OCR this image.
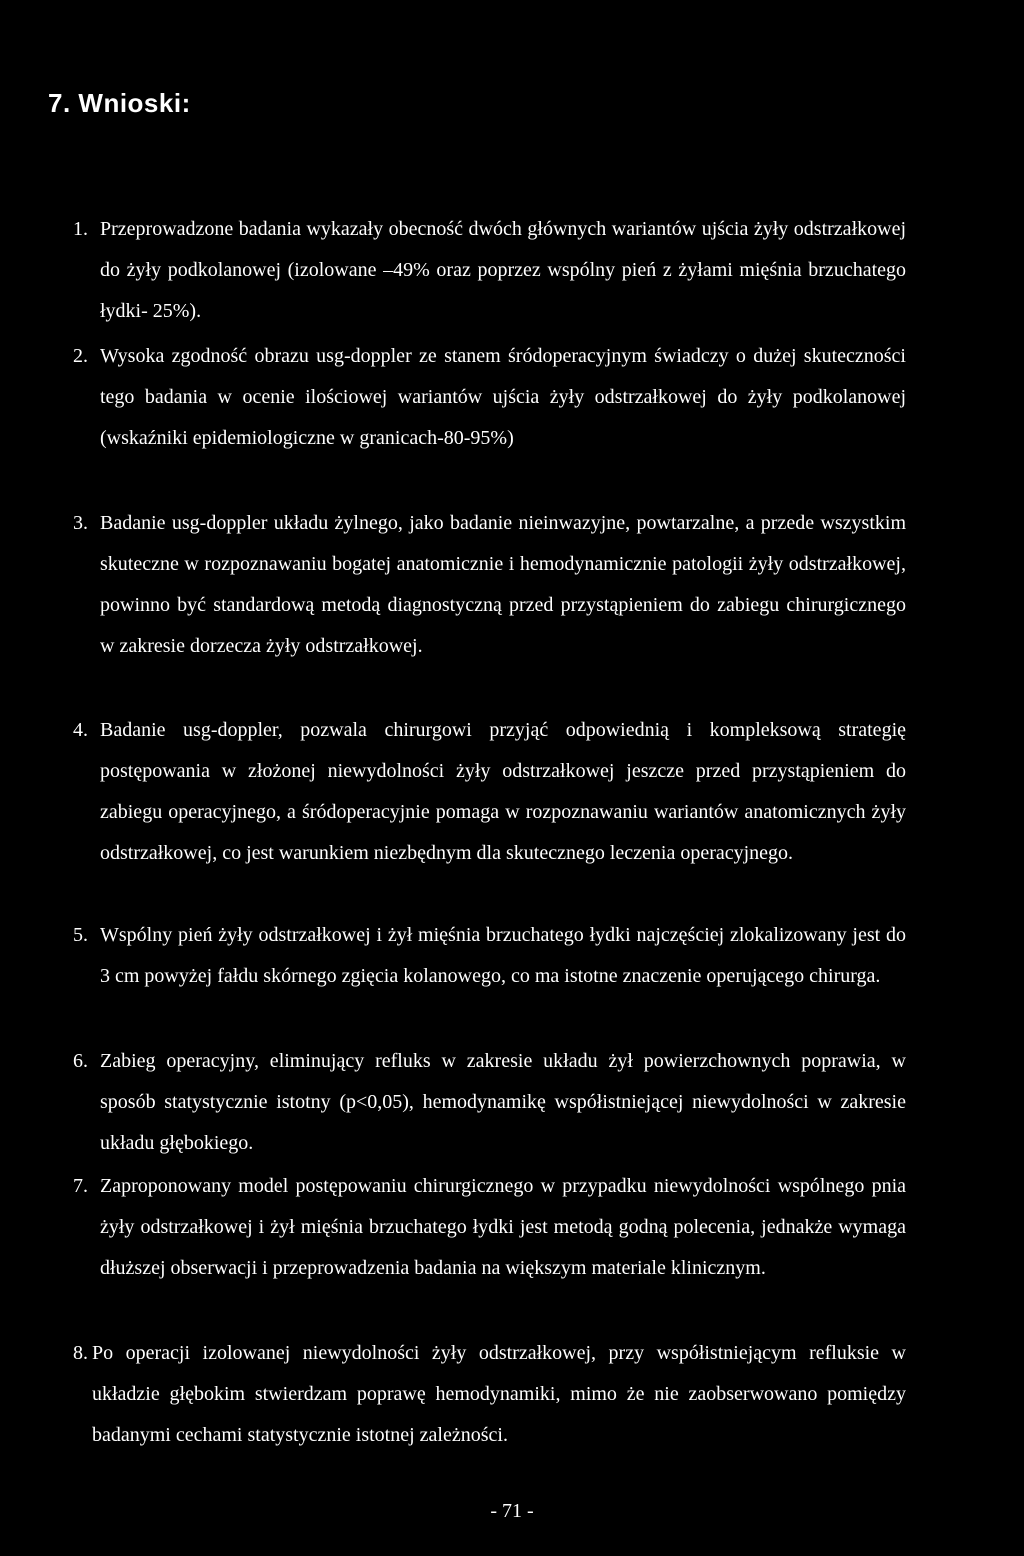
7. Wnioski:
1. Przeprowadzone badania wykazały obecność dwóch głównych wariantów ujścia żyły odstrzałkowej do żyły podkolanowej (izolowane –49% oraz poprzez wspólny pień z żyłami mięśnia brzuchatego łydki- 25%).
2. Wysoka zgodność obrazu usg-doppler ze stanem śródoperacyjnym świadczy o dużej skuteczności tego badania w ocenie ilościowej wariantów ujścia żyły odstrzałkowej do żyły podkolanowej (wskaźniki epidemiologiczne w granicach-80-95%)
3. Badanie usg-doppler układu żylnego, jako badanie nieinwazyjne, powtarzalne, a przede wszystkim skuteczne w rozpoznawaniu bogatej anatomicznie i hemodynamicznie patologii żyły odstrzałkowej, powinno być standardową metodą diagnostyczną przed przystąpieniem do zabiegu chirurgicznego w zakresie dorzecza żyły odstrzałkowej.
4. Badanie usg-doppler, pozwala chirurgowi przyjąć odpowiednią i kompleksową strategię postępowania w złożonej niewydolności żyły odstrzałkowej jeszcze przed przystąpieniem do zabiegu operacyjnego, a śródoperacyjnie pomaga w rozpoznawaniu wariantów anatomicznych żyły odstrzałkowej, co jest warunkiem niezbędnym dla skutecznego leczenia operacyjnego.
5. Wspólny pień żyły odstrzałkowej i żył mięśnia brzuchatego łydki najczęściej zlokalizowany jest do 3 cm powyżej fałdu skórnego zgięcia kolanowego, co ma istotne znaczenie operującego chirurga.
6. Zabieg operacyjny, eliminujący refluks w zakresie układu żył powierzchownych poprawia, w sposób statystycznie istotny (p<0,05), hemodynamikę współistniejącej niewydolności w zakresie układu głębokiego.
7. Zaproponowany model postępowaniu chirurgicznego w przypadku niewydolności wspólnego pnia żyły odstrzałkowej i żył mięśnia brzuchatego łydki jest metodą godną polecenia, jednakże wymaga dłuższej obserwacji i przeprowadzenia badania na większym materiale klinicznym.
8. Po operacji izolowanej niewydolności żyły odstrzałkowej, przy współistniejącym refluksie w układzie głębokim stwierdzam poprawę hemodynamiki, mimo że nie zaobserwowano pomiędzy badanymi cechami statystycznie istotnej zależności.
- 71 -
